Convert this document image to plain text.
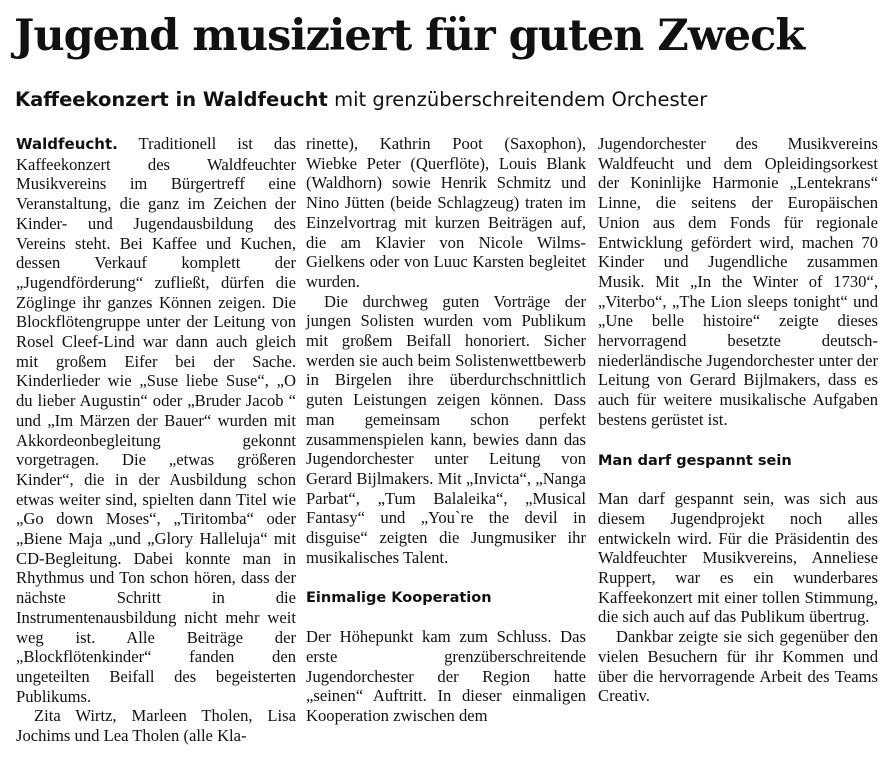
Jugend musiziert für guten Zweck
Kaffeekonzert in Waldfeucht mit grenzüberschreitendem Orchester

Waldfeucht. Traditionell ist das Kaffeekonzert des Waldfeuchter Musikvereins im Bürgertreff eine Veranstaltung, die ganz im Zeichen der Kinder- und Jugendausbildung des Vereins steht. Bei Kaffee und Kuchen, dessen Verkauf komplett der „Jugendförderung“ zufließt, dürfen die Zöglinge ihr ganzes Können zeigen. Die Blockflötengruppe unter der Leitung von Rosel Cleef-Lind war dann auch gleich mit großem Eifer bei der Sache. Kinderlieder wie „Suse liebe Suse“, „O du lieber Augustin“ oder „Bruder Jacob “ und „Im Märzen der Bauer“ wurden mit Akkordeonbegleitung gekonnt vorgetragen. Die „etwas größeren Kinder“, die in der Ausbildung schon etwas weiter sind, spielten dann Titel wie „Go down Moses“, „Tiritomba“ oder „Biene Maja „und „Glory Halleluja“ mit CD-Begleitung. Dabei konnte man in Rhythmus und Ton schon hören, dass der nächste Schritt in die Instrumentenausbildung nicht mehr weit weg ist. Alle Beiträge der „Blockflötenkinder“ fanden den ungeteilten Beifall des begeisterten Publikums.

Zita Wirtz, Marleen Tholen, Lisa Jochims und Lea Tholen (alle Kla-

rinette), Kathrin Poot (Saxophon), Wiebke Peter (Querflöte), Louis Blank (Waldhorn) sowie Henrik Schmitz und Nino Jütten (beide Schlagzeug) traten im Einzelvortrag mit kurzen Beiträgen auf, die am Klavier von Nicole Wilms-Gielkens oder von Luuc Karsten begleitet wurden.

Die durchweg guten Vorträge der jungen Solisten wurden vom Publikum mit großem Beifall honoriert. Sicher werden sie auch beim Solistenwettbewerb in Birgelen ihre überdurchschnittlich guten Leistungen zeigen können. Dass man gemeinsam schon perfekt zusammenspielen kann, bewies dann das Jugendorchester unter Leitung von Gerard Bijlmakers. Mit „Invicta“, „Nanga Parbat“, „Tum Balaleika“, „Musical Fantasy“ und „You`re the devil in disguise“ zeigten die Jungmusiker ihr musikalisches Talent.

Einmalige Kooperation

Der Höhepunkt kam zum Schluss. Das erste grenzüberschreitende Jugendorchester der Region hatte „seinen“ Auftritt. In dieser einmaligen Kooperation zwischen dem

Jugendorchester des Musikvereins Waldfeucht und dem Opleidingsorkest der Koninlijke Harmonie „Lentekrans“ Linne, die seitens der Europäischen Union aus dem Fonds für regionale Entwicklung gefördert wird, machen 70 Kinder und Jugendliche zusammen Musik. Mit „In the Winter of 1730“, „Viterbo“, „The Lion sleeps tonight“ und „Une belle histoire“ zeigte dieses hervorragend besetzte deutsch-niederländische Jugendorchester unter der Leitung von Gerard Bijlmakers, dass es auch für weitere musikalische Aufgaben bestens gerüstet ist.

Man darf gespannt sein

Man darf gespannt sein, was sich aus diesem Jugendprojekt noch alles entwickeln wird. Für die Präsidentin des Waldfeuchter Musikvereins, Anneliese Ruppert, war es ein wunderbares Kaffeekonzert mit einer tollen Stimmung, die sich auch auf das Publikum übertrug.

Dankbar zeigte sie sich gegenüber den vielen Besuchern für ihr Kommen und über die hervorragende Arbeit des Teams Creativ.
